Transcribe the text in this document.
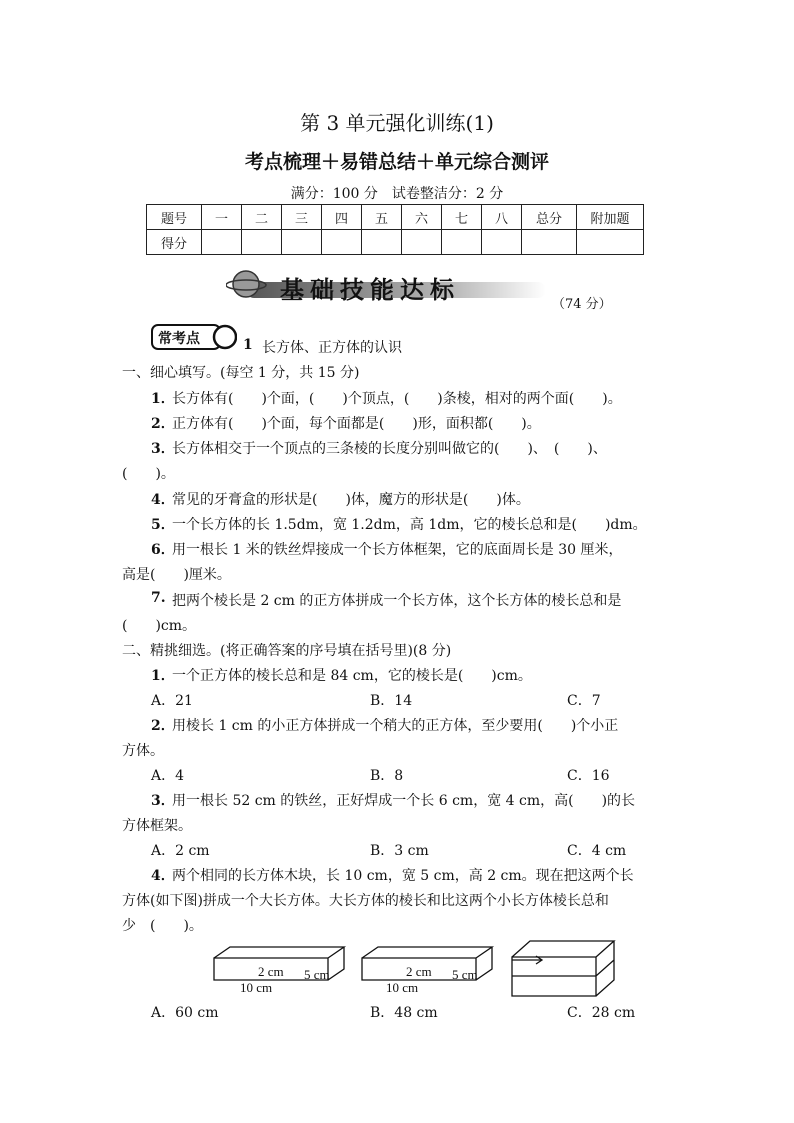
第 3 单元强化训练(1)
考点梳理＋易错总结＋单元综合测评
满分：100 分　试卷整洁分：2 分
题号	一	二	三	四	五	六	七	八	总分	附加题
得分										
基础技能达标
（74 分）
常考点	1 长方体、正方体的认识
一、细心填写。(每空 1 分，共 15 分)
1．
长方体有(　　)个面，(　　)个顶点，(　　)条棱，相对的两个面(　　)。
2．
正方体有(　　)个面，每个面都是(　　)形，面积都(　　)。
3．
长方体相交于一个顶点的三条棱的长度分别叫做它的(　　)、　(　　)、
(　　)。
4．
常见的牙膏盒的形状是(　　)体，魔方的形状是(　　)体。
5．
一个长方体的长 1.5dm，宽 1.2dm，高 1dm，它的棱长总和是(　　)dm。
6．
用一根长 1 米的铁丝焊接成一个长方体框架，它的底面周长是 30 厘米，
高是(　　)厘米。
7. 把两个棱长是 2 cm 的正方体拼成一个长方体，这个长方体的棱长总和是
(　　)cm。
二、精挑细选。(将正确答案的序号填在括号里)(8 分)
1．
一个正方体的棱长总和是 84 cm，它的棱长是(　　)cm。
A．21	B．14	C．7
2．
用棱长 1 cm 的小正方体拼成一个稍大的正方体，至少要用(　　)个小正
方体。
A．4	B．8	C．16
3．
用一根长 52 cm 的铁丝，正好焊成一个长 6 cm，宽 4 cm，高(　　)的长
方体框架。
A．2 cm	B．3 cm	C．4 cm
4．
两个相同的长方体木块，长 10 cm，宽 5 cm，高 2 cm。现在把这两个长
方体(如下图)拼成一个大长方体。大长方体的棱长和比这两个小长方体棱长总和
少　(　　)。
2 cm 5 cm
10 cm
2 cm 5 cm
10 cm
A．60 cm	B．48 cm	C．28 cm
